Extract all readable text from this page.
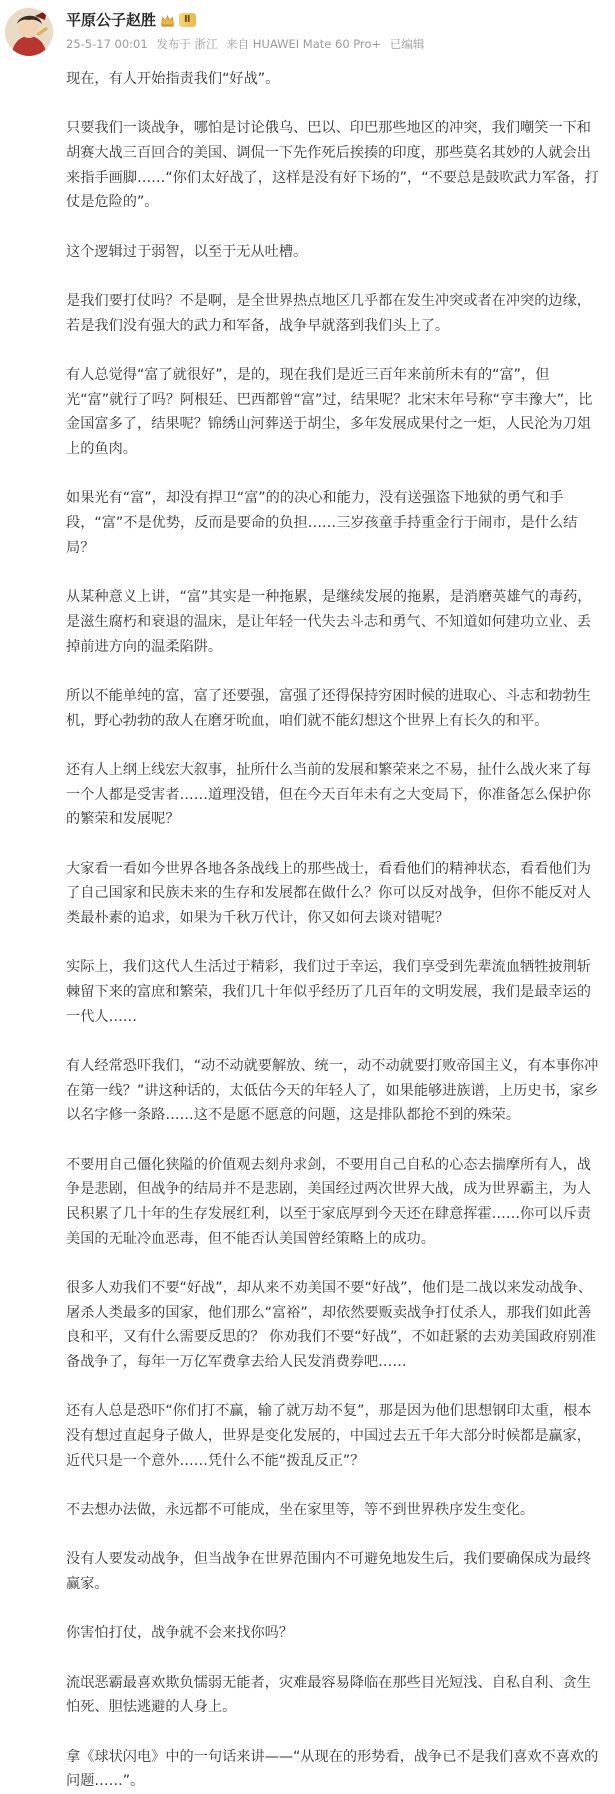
平原公子赵胜	Ⅱ
25-5-17 00:01 发布于 浙江 来自 HUAWEI Mate 60 Pro+ 已编辑

现在，有人开始指责我们“好战”。

只要我们一谈战争，哪怕是讨论俄乌、巴以、印巴那些地区的冲突，我们嘲笑一下和胡赛大战三百回合的美国、调侃一下先作死后挨揍的印度，那些莫名其妙的人就会出来指手画脚……“你们太好战了，这样是没有好下场的”，“不要总是鼓吹武力军备，打仗是危险的”。

这个逻辑过于弱智，以至于无从吐槽。

是我们要打仗吗？不是啊，是全世界热点地区几乎都在发生冲突或者在冲突的边缘，若是我们没有强大的武力和军备，战争早就落到我们头上了。

有人总觉得“富了就很好”，是的，现在我们是近三百年来前所未有的“富”，但光“富”就行了吗？阿根廷、巴西都曾“富”过，结果呢？北宋末年号称“亨丰豫大”，比金国富多了，结果呢？锦绣山河葬送于胡尘，多年发展成果付之一炬，人民沦为刀俎上的鱼肉。

如果光有“富”，却没有捍卫“富”的的决心和能力，没有送强盗下地狱的勇气和手段，“富”不是优势，反而是要命的负担……三岁孩童手持重金行于闹市，是什么结局？

从某种意义上讲，“富”其实是一种拖累，是继续发展的拖累，是消磨英雄气的毒药，是滋生腐朽和衰退的温床，是让年轻一代失去斗志和勇气、不知道如何建功立业、丢掉前进方向的温柔陷阱。

所以不能单纯的富，富了还要强，富强了还得保持穷困时候的进取心、斗志和勃勃生机，野心勃勃的敌人在磨牙吮血，咱们就不能幻想这个世界上有长久的和平。

还有人上纲上线宏大叙事，扯所什么当前的发展和繁荣来之不易，扯什么战火来了每一个人都是受害者……道理没错，但在今天百年未有之大变局下，你准备怎么保护你的繁荣和发展呢？

大家看一看如今世界各地各条战线上的那些战士，看看他们的精神状态，看看他们为了自己国家和民族未来的生存和发展都在做什么？你可以反对战争，但你不能反对人类最朴素的追求，如果为千秋万代计，你又如何去谈对错呢？

实际上，我们这代人生活过于精彩，我们过于幸运，我们享受到先辈流血牺牲披荆斩棘留下来的富庶和繁荣，我们几十年似乎经历了几百年的文明发展，我们是最幸运的一代人……

有人经常恐吓我们，“动不动就要解放、统一，动不动就要打败帝国主义，有本事你冲在第一线？”讲这种话的，太低估今天的年轻人了，如果能够进族谱，上历史书，家乡以名字修一条路……这不是愿不愿意的问题，这是排队都抢不到的殊荣。

不要用自己僵化狭隘的价值观去刻舟求剑，不要用自己自私的心态去揣摩所有人，战争是悲剧，但战争的结局并不是悲剧，美国经过两次世界大战，成为世界霸主，为人民积累了几十年的生存发展红利，以至于家底厚到今天还在肆意挥霍……你可以斥责美国的无耻冷血恶毒，但不能否认美国曾经策略上的成功。

很多人劝我们不要“好战”，却从来不劝美国不要“好战”，他们是二战以来发动战争、屠杀人类最多的国家，他们那么“富裕”，却依然要贩卖战争打仗杀人，那我们如此善良和平，又有什么需要反思的？ 你劝我们不要“好战”，不如赶紧的去劝美国政府别准备战争了，每年一万亿军费拿去给人民发消费券吧……

还有人总是恐吓“你们打不赢，输了就万劫不复”，那是因为他们思想钢印太重，根本没有想过直起身子做人，世界是变化发展的，中国过去五千年大部分时候都是赢家，近代只是一个意外……凭什么不能“拨乱反正”？

不去想办法做，永远都不可能成，坐在家里等，等不到世界秩序发生变化。

没有人要发动战争，但当战争在世界范围内不可避免地发生后，我们要确保成为最终赢家。

你害怕打仗，战争就不会来找你吗？

流氓恶霸最喜欢欺负懦弱无能者，灾难最容易降临在那些目光短浅、自私自利、贪生怕死、胆怯逃避的人身上。

拿《球状闪电》中的一句话来讲——“从现在的形势看，战争已不是我们喜欢不喜欢的问题……”。
